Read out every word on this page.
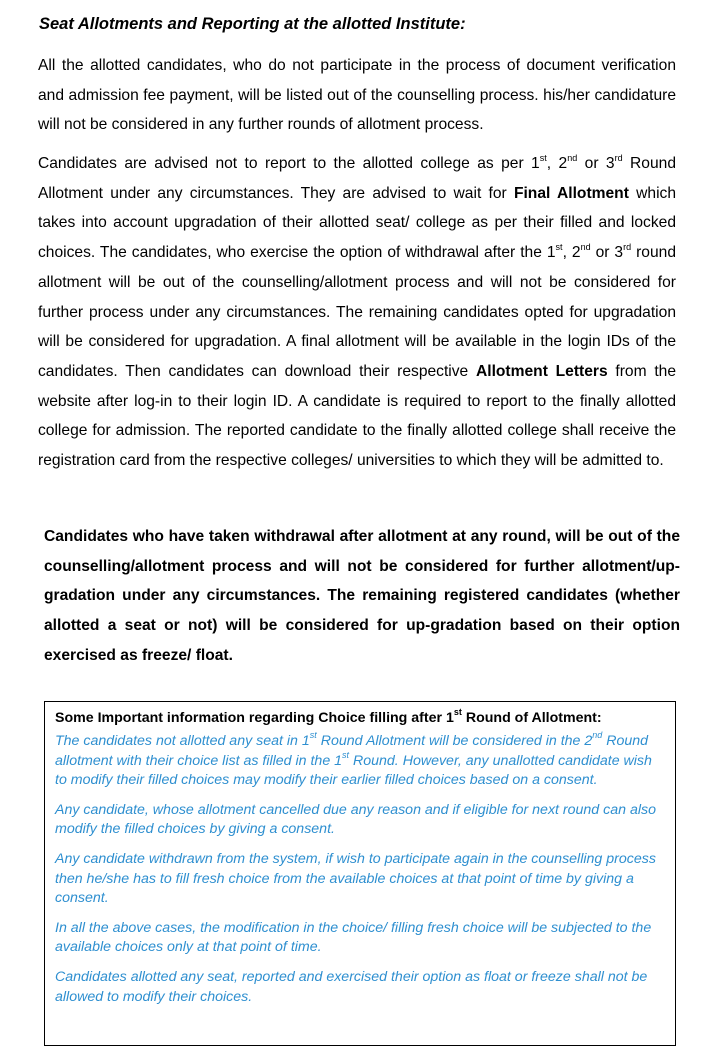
Seat Allotments and Reporting at the allotted Institute:

All the allotted candidates, who do not participate in the process of document verification and admission fee payment, will be listed out of the counselling process. his/her candidature will not be considered in any further rounds of allotment process.

Candidates are advised not to report to the allotted college as per 1st, 2nd or 3rd Round Allotment under any circumstances. They are advised to wait for Final Allotment which takes into account upgradation of their allotted seat/ college as per their filled and locked choices. The candidates, who exercise the option of withdrawal after the 1st, 2nd or 3rd round allotment will be out of the counselling/allotment process and will not be considered for further process under any circumstances. The remaining candidates opted for upgradation will be considered for upgradation. A final allotment will be available in the login IDs of the candidates. Then candidates can download their respective Allotment Letters from the website after log-in to their login ID. A candidate is required to report to the finally allotted college for admission. The reported candidate to the finally allotted college shall receive the registration card from the respective colleges/ universities to which they will be admitted to.

Candidates who have taken withdrawal after allotment at any round, will be out of the counselling/allotment process and will not be considered for further allotment/up-gradation under any circumstances. The remaining registered candidates (whether allotted a seat or not) will be considered for up-gradation based on their option exercised as freeze/ float.

Some Important information regarding Choice filling after 1st Round of Allotment:

The candidates not allotted any seat in 1st Round Allotment will be considered in the 2nd Round allotment with their choice list as filled in the 1st Round. However, any unallotted candidate wish to modify their filled choices may modify their earlier filled choices based on a consent.

Any candidate, whose allotment cancelled due any reason and if eligible for next round can also modify the filled choices by giving a consent.

Any candidate withdrawn from the system, if wish to participate again in the counselling process then he/she has to fill fresh choice from the available choices at that point of time by giving a consent.

In all the above cases, the modification in the choice/ filling fresh choice will be subjected to the available choices only at that point of time.

Candidates allotted any seat, reported and exercised their option as float or freeze shall not be allowed to modify their choices.
